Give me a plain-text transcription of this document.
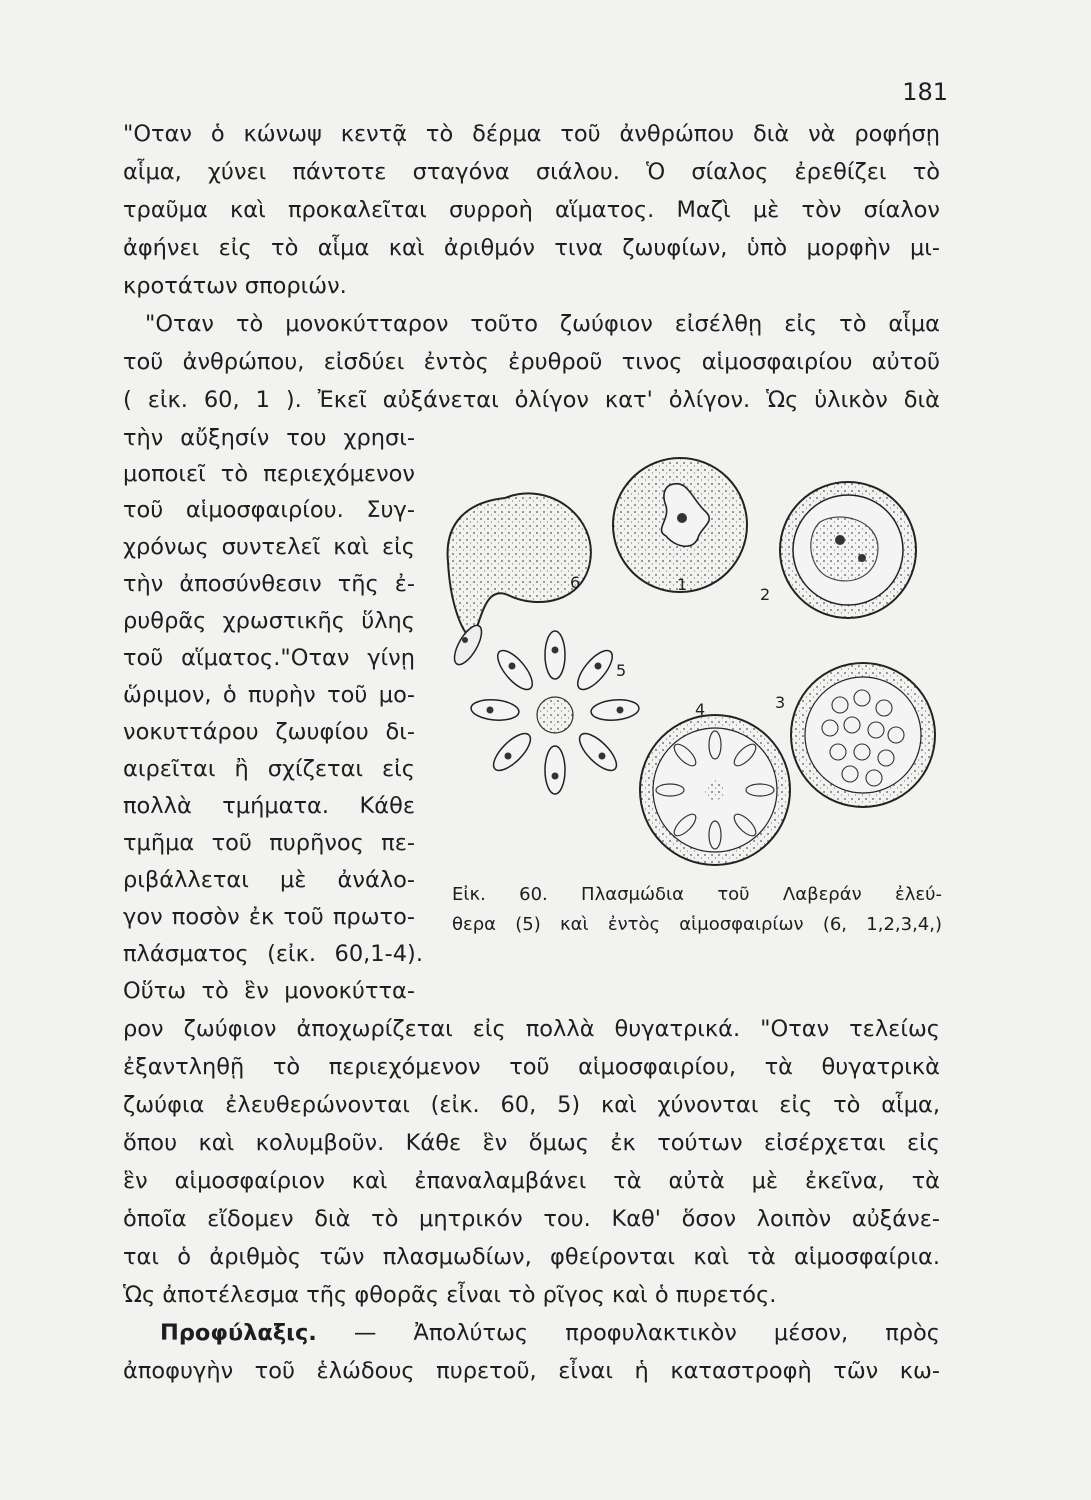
181
"Οταν ὁ κώνωψ κεντᾷ τὸ δέρμα τοῦ ἀνθρώπου διὰ νὰ ροφήσῃ
αἷμα, χύνει πάντοτε σταγόνα σιάλου. Ὁ σίαλος ἐρεθίζει τὸ
τραῦμα καὶ προκαλεῖται συρροὴ αἵματος. Μαζὶ μὲ τὸν σίαλον
ἀφήνει εἰς τὸ αἷμα καὶ ἀριθμόν τινα ζωυφίων, ὑπὸ μορφὴν μι-
κροτάτων σποριών.
"Οταν τὸ μονοκύτταρον τοῦτο ζωύφιον εἰσέλθῃ εἰς τὸ αἷμα
τοῦ ἀνθρώπου, εἰσδύει ἐντὸς ἐρυθροῦ τινος αἱμοσφαιρίου αὐτοῦ
( εἰκ. 60, 1 ). Ἐκεῖ αὐξάνεται ὀλίγον κατ' ὀλίγον. Ὡς ὑλικὸν διὰ
τὴν αὔξησίν του χρησι-
μοποιεῖ τὸ περιεχόμενον
τοῦ αἱμοσφαιρίου. Συγ-
χρόνως συντελεῖ καὶ εἰς
τὴν ἀποσύνθεσιν τῆς ἐ-
ρυθρᾶς χρωστικῆς ὕλης
τοῦ αἵματος."Οταν γίνῃ
ὥριμον, ὁ πυρὴν τοῦ μο-
νοκυττάρου ζωυφίου δι-
αιρεῖται ἢ σχίζεται εἰς
πολλὰ τμήματα. Κάθε
τμῆμα τοῦ πυρῆνος πε-
ριβάλλεται μὲ ἀνάλο-
γον ποσὸν ἐκ τοῦ πρωτο-
πλάσματος (εἰκ. 60,1-4).
Οὕτω τὸ ἓν μονοκύττα-
ρον ζωύφιον ἀποχωρίζεται εἰς πολλὰ θυγατρικά. "Οταν τελείως
ἐξαντληθῇ τὸ περιεχόμενον τοῦ αἱμοσφαιρίου, τὰ θυγατρικὰ
ζωύφια ἐλευθερώνονται (εἰκ. 60, 5) καὶ χύνονται εἰς τὸ αἷμα,
ὅπου καὶ κολυμβοῦν. Κάθε ἓν ὅμως ἐκ τούτων εἰσέρχεται εἰς
ἓν αἱμοσφαίριον καὶ ἐπαναλαμβάνει τὰ αὐτὰ μὲ ἐκεῖνα, τὰ
ὁποῖα εἴδομεν διὰ τὸ μητρικόν του. Καθ' ὅσον λοιπὸν αὐξάνε-
ται ὁ ἀριθμὸς τῶν πλασμωδίων, φθείρονται καὶ τὰ αἱμοσφαίρια.
Ὡς ἀποτέλεσμα τῆς φθορᾶς εἶναι τὸ ρῖγος καὶ ὁ πυρετός.
Προφύλαξις. — Ἀπολύτως προφυλακτικὸν μέσον, πρὸς
ἀποφυγὴν τοῦ ἑλώδους πυρετοῦ, εἶναι ἡ καταστροφὴ τῶν κω-
6	1
2
5
4	3
Εἰκ. 60. Πλασμώδια τοῦ Λαβεράν ἐλεύ-
θερα (5) καὶ ἐντὸς αἱμοσφαιρίων (6, 1,2,3,4,)
